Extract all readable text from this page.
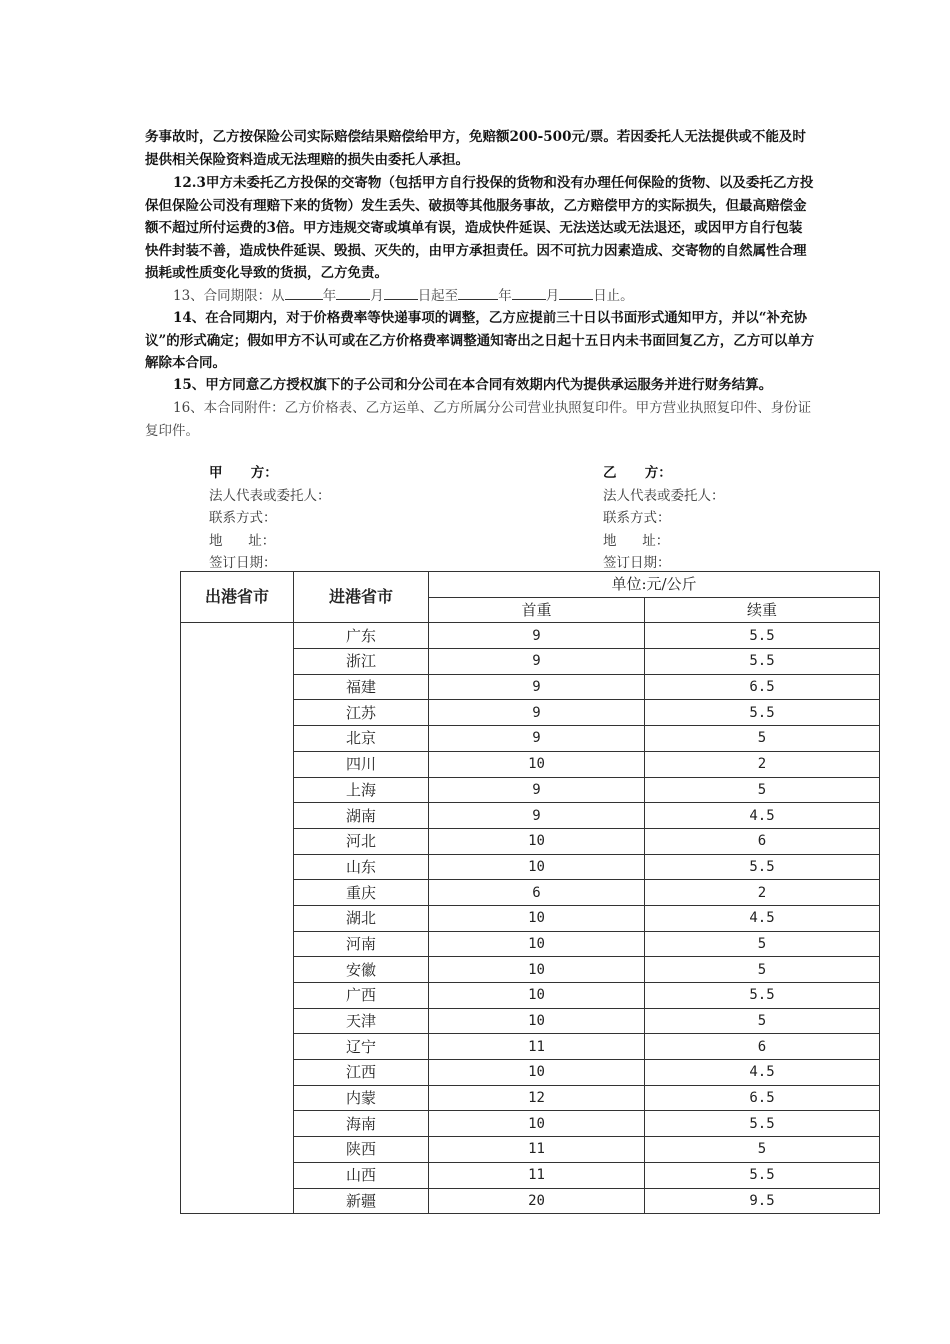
务事故时，乙方按保险公司实际赔偿结果赔偿给甲方，免赔额200-500元/票。若因委托人无法提供或不能及时提供相关保险资料造成无法理赔的损失由委托人承担。
12.3甲方未委托乙方投保的交寄物（包括甲方自行投保的货物和没有办理任何保险的货物、以及委托乙方投保但保险公司没有理赔下来的货物）发生丢失、破损等其他服务事故，乙方赔偿甲方的实际损失，但最高赔偿金额不超过所付运费的3倍。甲方违规交寄或填单有误，造成快件延误、无法送达或无法退还，或因甲方自行包装快件封装不善，造成快件延误、毁损、灭失的，由甲方承担责任。因不可抗力因素造成、交寄物的自然属性合理损耗或性质变化导致的货损，乙方免责。
13、合同期限：从	年	月	日起至	年	月	日止。
14、在合同期内，对于价格费率等快递事项的调整，乙方应提前三十日以书面形式通知甲方，并以“补充协议”的形式确定；假如甲方不认可或在乙方价格费率调整通知寄出之日起十五日内未书面回复乙方，乙方可以单方解除本合同。
15、甲方同意乙方授权旗下的子公司和分公司在本合同有效期内代为提供承运服务并进行财务结算。
16、本合同附件：乙方价格表、乙方运单、乙方所属分公司营业执照复印件。甲方营业执照复印件、身份证复印件。
甲      方：
法人代表或委托人：
联系方式：
地      址：
签订日期：
乙      方：
法人代表或委托人：
联系方式：
地      址：
签订日期：
出港省市	进港省市	单位:元/公斤	
		首重	续重
	广东	9	5.5
	浙江	9	5.5
	福建	9	6.5
	江苏	9	5.5
	北京	9	5
	四川	10	2
	上海	9	5
	湖南	9	4.5
	河北	10	6
	山东	10	5.5
	重庆	6	2
	湖北	10	4.5
	河南	10	5
	安徽	10	5
	广西	10	5.5
	天津	10	5
	辽宁	11	6
	江西	10	4.5
	内蒙	12	6.5
	海南	10	5.5
	陕西	11	5
	山西	11	5.5
	新疆	20	9.5
